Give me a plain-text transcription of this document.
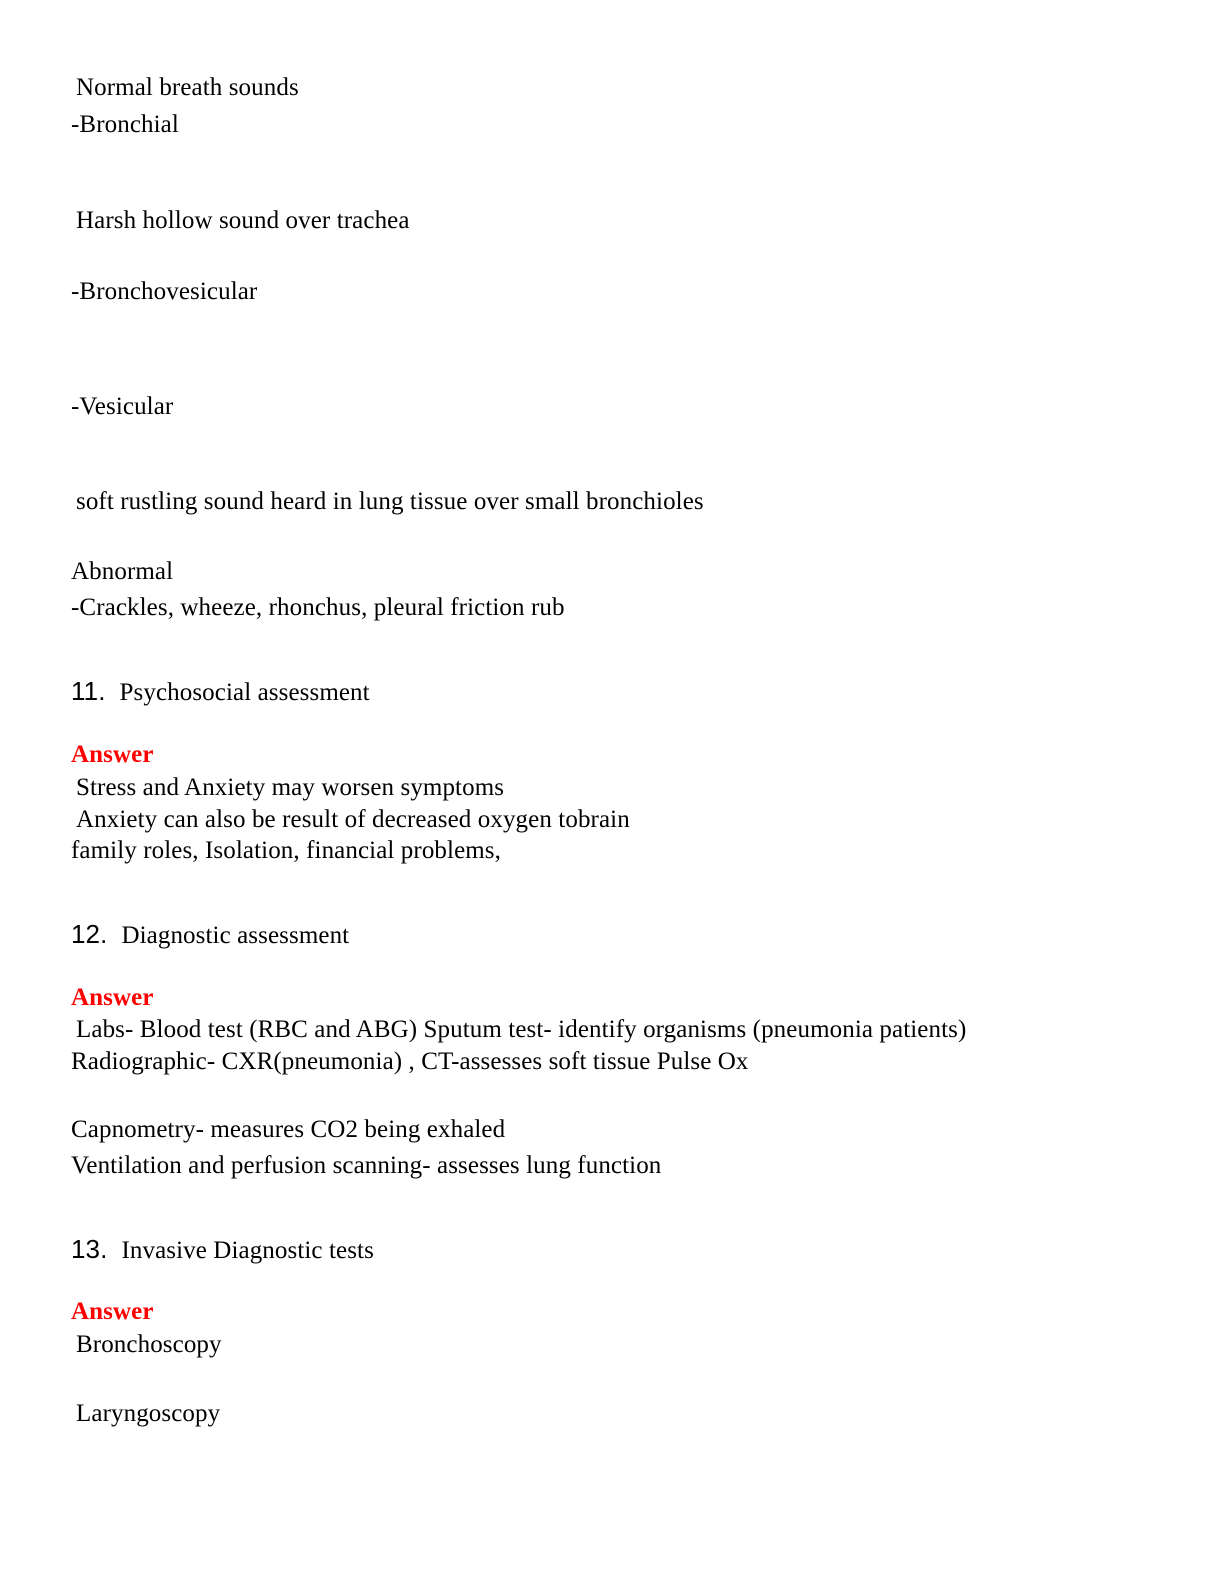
Normal breath sounds
-Bronchial
Harsh hollow sound over trachea
-Bronchovesicular
-Vesicular
soft rustling sound heard in lung tissue over small bronchioles
Abnormal
-Crackles, wheeze, rhonchus, pleural friction rub
11. Psychosocial assessment
Answer
Stress and Anxiety may worsen symptoms
Anxiety can also be result of decreased oxygen tobrain
family roles, Isolation, financial problems,
12. Diagnostic assessment
Answer
Labs- Blood test (RBC and ABG) Sputum test- identify organisms (pneumonia patients)
Radiographic- CXR(pneumonia) , CT-assesses soft tissue Pulse Ox
Capnometry- measures CO2 being exhaled
Ventilation and perfusion scanning- assesses lung function
13. Invasive Diagnostic tests
Answer
Bronchoscopy
Laryngoscopy
